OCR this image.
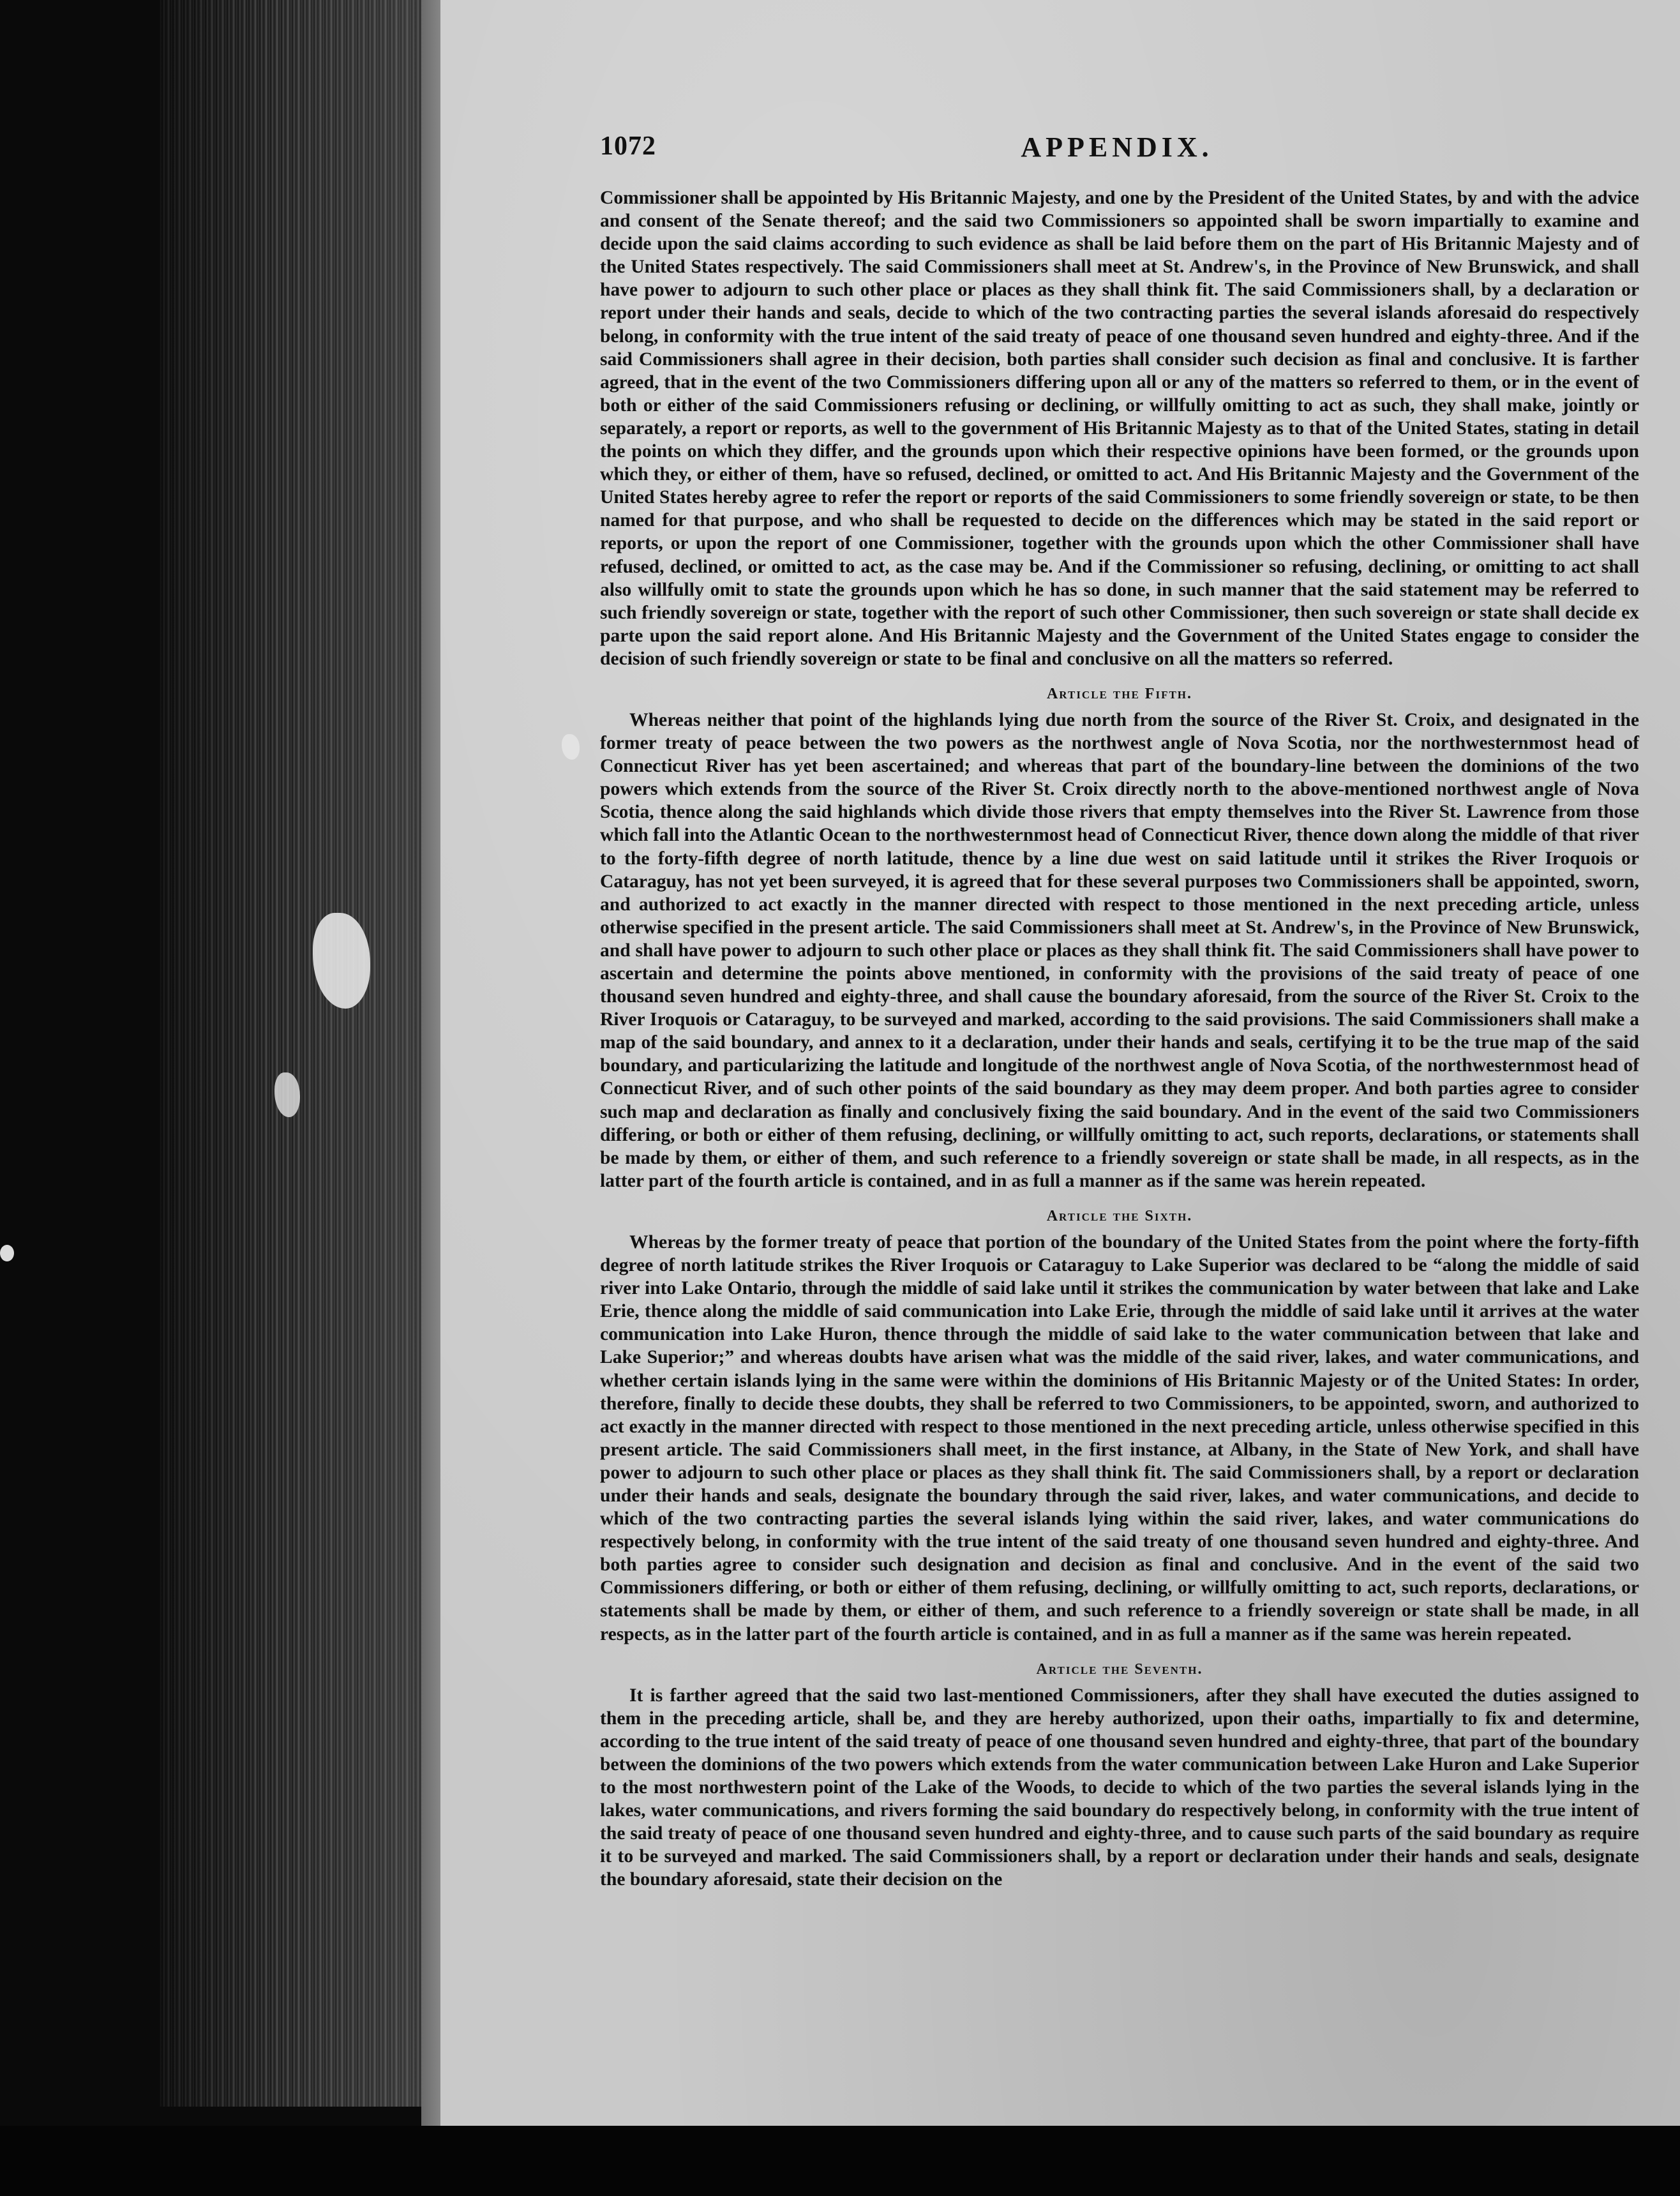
1072	APPENDIX.

Commissioner shall be appointed by His Britannic Majesty, and one by the President of the United States, by and with the advice and consent of the Senate thereof; and the said two Commissioners so appointed shall be sworn impartially to examine and decide upon the said claims according to such evidence as shall be laid before them on the part of His Britannic Majesty and of the United States respectively. The said Commissioners shall meet at St. Andrew's, in the Province of New Brunswick, and shall have power to adjourn to such other place or places as they shall think fit. The said Commissioners shall, by a declaration or report under their hands and seals, decide to which of the two contracting parties the several islands aforesaid do respectively belong, in conformity with the true intent of the said treaty of peace of one thousand seven hundred and eighty-three. And if the said Commissioners shall agree in their decision, both parties shall consider such decision as final and conclusive. It is farther agreed, that in the event of the two Commissioners differing upon all or any of the matters so referred to them, or in the event of both or either of the said Commissioners refusing or declining, or willfully omitting to act as such, they shall make, jointly or separately, a report or reports, as well to the government of His Britannic Majesty as to that of the United States, stating in detail the points on which they differ, and the grounds upon which their respective opinions have been formed, or the grounds upon which they, or either of them, have so refused, declined, or omitted to act. And His Britannic Majesty and the Government of the United States hereby agree to refer the report or reports of the said Commissioners to some friendly sovereign or state, to be then named for that purpose, and who shall be requested to decide on the differences which may be stated in the said report or reports, or upon the report of one Commissioner, together with the grounds upon which the other Commissioner shall have refused, declined, or omitted to act, as the case may be. And if the Commissioner so refusing, declining, or omitting to act shall also willfully omit to state the grounds upon which he has so done, in such manner that the said statement may be referred to such friendly sovereign or state, together with the report of such other Commissioner, then such sovereign or state shall decide ex parte upon the said report alone. And His Britannic Majesty and the Government of the United States engage to consider the decision of such friendly sovereign or state to be final and conclusive on all the matters so referred.

Article the Fifth.

Whereas neither that point of the highlands lying due north from the source of the River St. Croix, and designated in the former treaty of peace between the two powers as the northwest angle of Nova Scotia, nor the northwesternmost head of Connecticut River has yet been ascertained; and whereas that part of the boundary-line between the dominions of the two powers which extends from the source of the River St. Croix directly north to the above-mentioned northwest angle of Nova Scotia, thence along the said highlands which divide those rivers that empty themselves into the River St. Lawrence from those which fall into the Atlantic Ocean to the northwesternmost head of Connecticut River, thence down along the middle of that river to the forty-fifth degree of north latitude, thence by a line due west on said latitude until it strikes the River Iroquois or Cataraguy, has not yet been surveyed, it is agreed that for these several purposes two Commissioners shall be appointed, sworn, and authorized to act exactly in the manner directed with respect to those mentioned in the next preceding article, unless otherwise specified in the present article. The said Commissioners shall meet at St. Andrew's, in the Province of New Brunswick, and shall have power to adjourn to such other place or places as they shall think fit. The said Commissioners shall have power to ascertain and determine the points above mentioned, in conformity with the provisions of the said treaty of peace of one thousand seven hundred and eighty-three, and shall cause the boundary aforesaid, from the source of the River St. Croix to the River Iroquois or Cataraguy, to be surveyed and marked, according to the said provisions. The said Commissioners shall make a map of the said boundary, and annex to it a declaration, under their hands and seals, certifying it to be the true map of the said boundary, and particularizing the latitude and longitude of the northwest angle of Nova Scotia, of the northwesternmost head of Connecticut River, and of such other points of the said boundary as they may deem proper. And both parties agree to consider such map and declaration as finally and conclusively fixing the said boundary. And in the event of the said two Commissioners differing, or both or either of them refusing, declining, or willfully omitting to act, such reports, declarations, or statements shall be made by them, or either of them, and such reference to a friendly sovereign or state shall be made, in all respects, as in the latter part of the fourth article is contained, and in as full a manner as if the same was herein repeated.

Article the Sixth.

Whereas by the former treaty of peace that portion of the boundary of the United States from the point where the forty-fifth degree of north latitude strikes the River Iroquois or Cataraguy to Lake Superior was declared to be “along the middle of said river into Lake Ontario, through the middle of said lake until it strikes the communication by water between that lake and Lake Erie, thence along the middle of said communication into Lake Erie, through the middle of said lake until it arrives at the water communication into Lake Huron, thence through the middle of said lake to the water communication between that lake and Lake Superior;” and whereas doubts have arisen what was the middle of the said river, lakes, and water communications, and whether certain islands lying in the same were within the dominions of His Britannic Majesty or of the United States: In order, therefore, finally to decide these doubts, they shall be referred to two Commissioners, to be appointed, sworn, and authorized to act exactly in the manner directed with respect to those mentioned in the next preceding article, unless otherwise specified in this present article. The said Commissioners shall meet, in the first instance, at Albany, in the State of New York, and shall have power to adjourn to such other place or places as they shall think fit. The said Commissioners shall, by a report or declaration under their hands and seals, designate the boundary through the said river, lakes, and water communications, and decide to which of the two contracting parties the several islands lying within the said river, lakes, and water communications do respectively belong, in conformity with the true intent of the said treaty of one thousand seven hundred and eighty-three. And both parties agree to consider such designation and decision as final and conclusive. And in the event of the said two Commissioners differing, or both or either of them refusing, declining, or willfully omitting to act, such reports, declarations, or statements shall be made by them, or either of them, and such reference to a friendly sovereign or state shall be made, in all respects, as in the latter part of the fourth article is contained, and in as full a manner as if the same was herein repeated.

Article the Seventh.

It is farther agreed that the said two last-mentioned Commissioners, after they shall have executed the duties assigned to them in the preceding article, shall be, and they are hereby authorized, upon their oaths, impartially to fix and determine, according to the true intent of the said treaty of peace of one thousand seven hundred and eighty-three, that part of the boundary between the dominions of the two powers which extends from the water communication between Lake Huron and Lake Superior to the most northwestern point of the Lake of the Woods, to decide to which of the two parties the several islands lying in the lakes, water communications, and rivers forming the said boundary do respectively belong, in conformity with the true intent of the said treaty of peace of one thousand seven hundred and eighty-three, and to cause such parts of the said boundary as require it to be surveyed and marked. The said Commissioners shall, by a report or declaration under their hands and seals, designate the boundary aforesaid, state their decision on the
